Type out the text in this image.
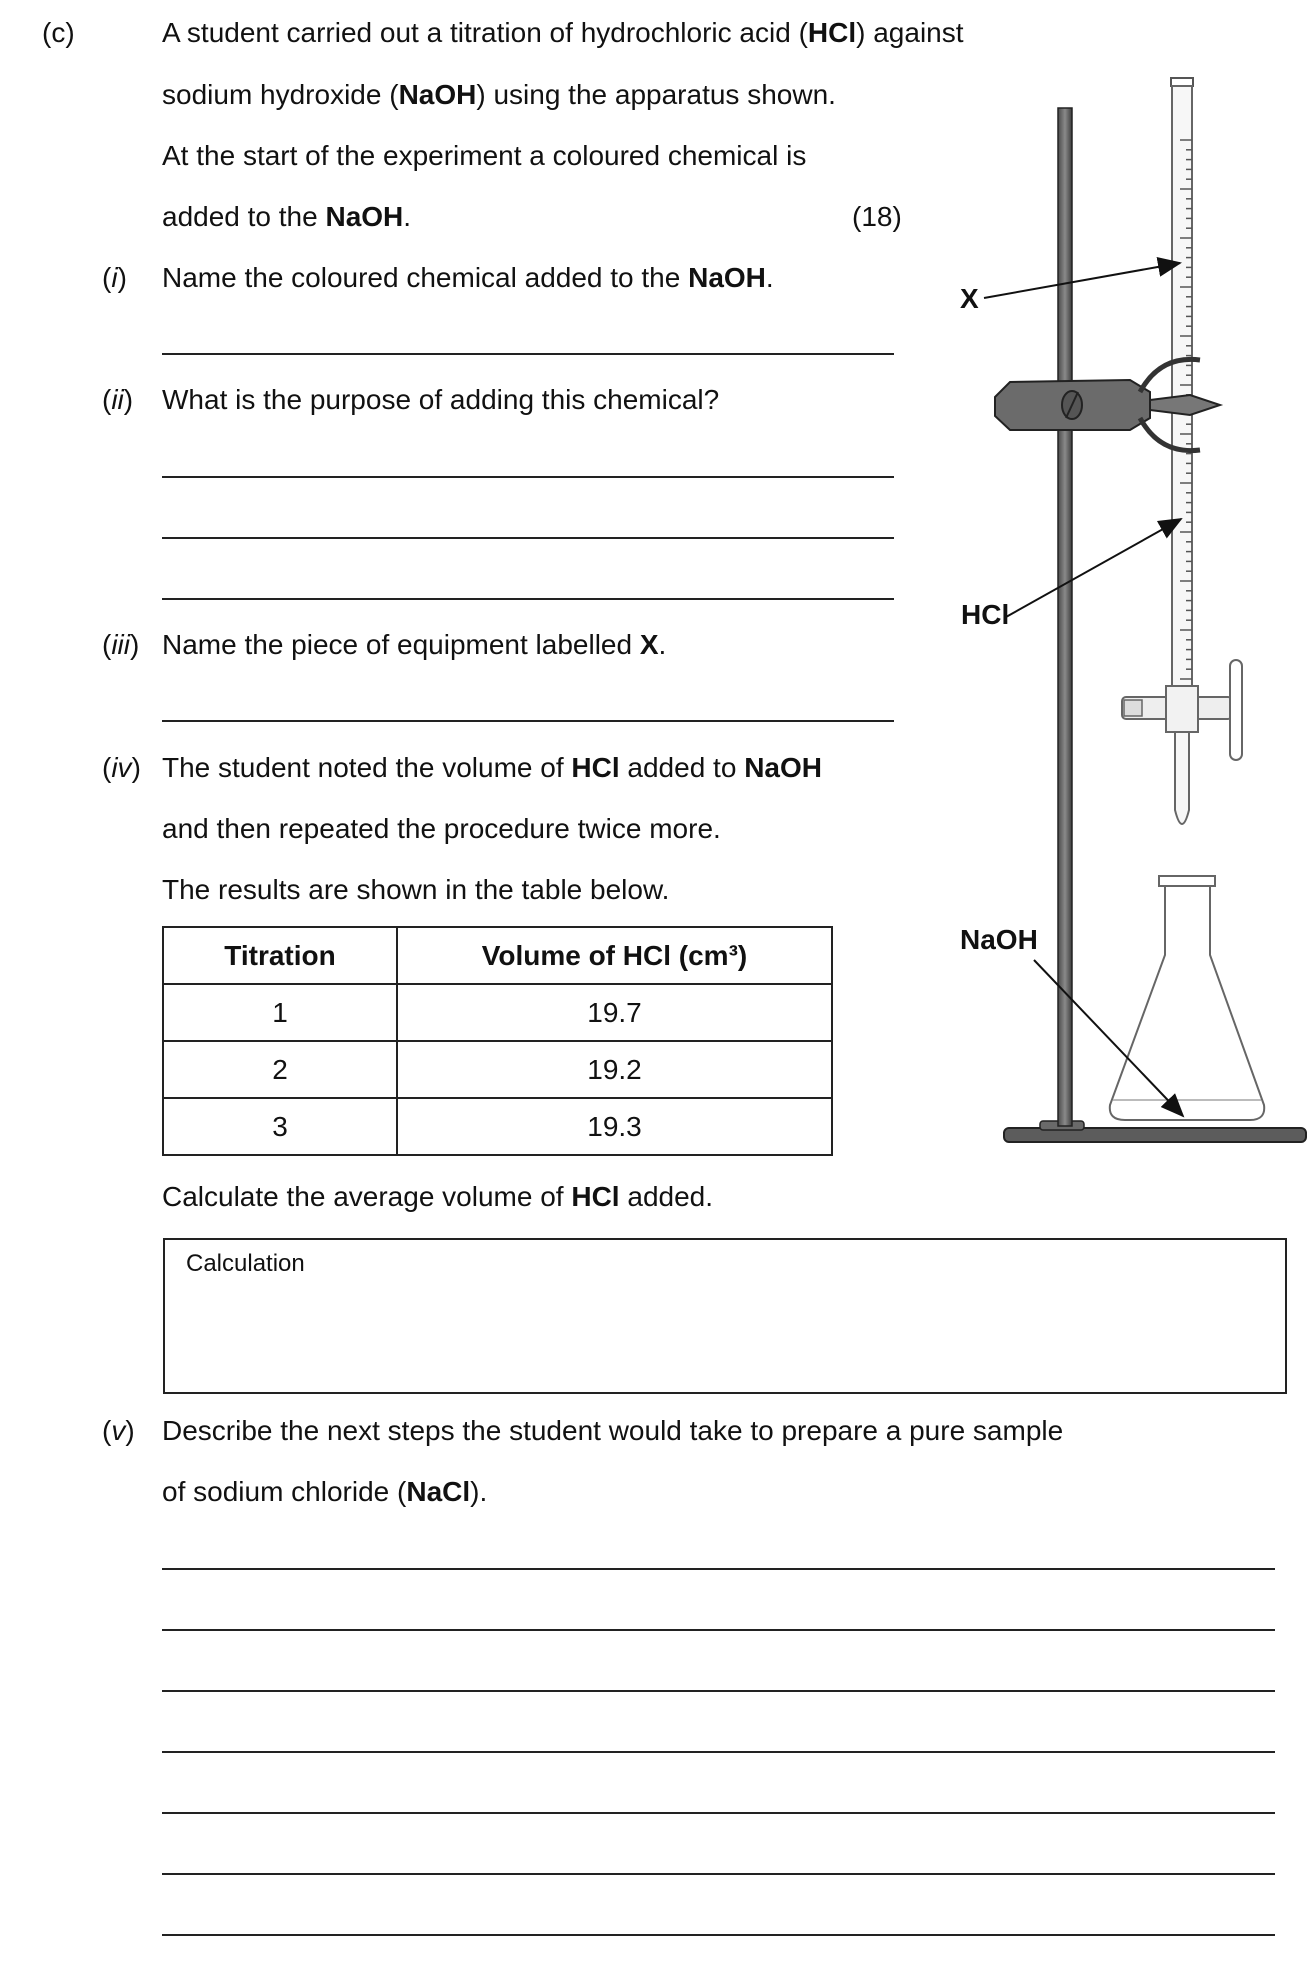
(c)	A student carried out a titration of hydrochloric acid (HCl) against
sodium hydroxide (NaOH) using the apparatus shown.
At the start of the experiment a coloured chemical is
added to the NaOH.	(18)
(i) Name the coloured chemical added to the NaOH.
(ii) What is the purpose of adding this chemical?
(iii) Name the piece of equipment labelled X.
(iv) The student noted the volume of HCl added to NaOH
and then repeated the procedure twice more.
The results are shown in the table below.
Titration	Volume of HCl (cm³)
1	19.7
2	19.2
3	19.3
Calculate the average volume of HCl added.
Calculation
(v) Describe the next steps the student would take to prepare a pure sample
of sodium chloride (NaCl).
X
HCl
NaOH
